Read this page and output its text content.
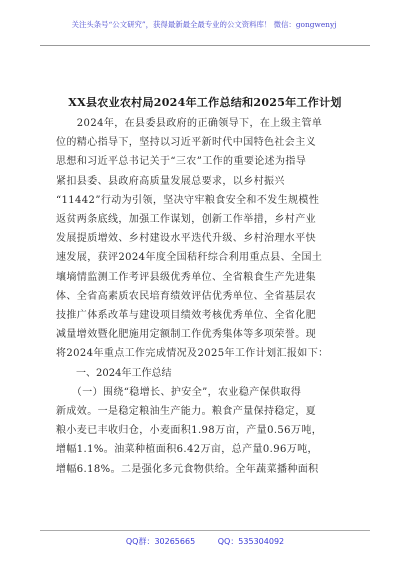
关注头条号“公文研究”，获得最新最全最专业的公文资料库！ 微信：gongwenyj
XX县农业农村局2024年工作总结和2025年工作计划

　　2024年，在县委县政府的正确领导下，在上级主管单
位的精心指导下，坚持以习近平新时代中国特色社会主义
思想和习近平总书记关于“三农”工作的重要论述为指导
紧扣县委、县政府高质量发展总要求，以乡村振兴
“11442”行动为引领，坚决守牢粮食安全和不发生规模性
返贫两条底线，加强工作谋划，创新工作举措，乡村产业
发展提质增效、乡村建设水平迭代升级、乡村治理水平快
速发展，获评2024年度全国秸秆综合利用重点县、全国土
壤墒情监测工作考评县级优秀单位、全省粮食生产先进集
体、全省高素质农民培育绩效评估优秀单位、全省基层农
技推广体系改革与建设项目绩效考核优秀单位、全省化肥
减量增效暨化肥施用定额制工作优秀集体等多项荣誉。现
将2024年重点工作完成情况及2025年工作计划汇报如下：

　　一、2024年工作总结

　　（一）围绕“稳增长、护安全”，农业稳产保供取得
新成效。一是稳定粮油生产能力。粮食产量保持稳定，夏
粮小麦已丰收归仓，小麦面积1.98万亩，产量0.56万吨，
增幅1.1%。油菜种植面积6.42万亩，总产量0.96万吨，
增幅6.18%。二是强化多元食物供给。全年蔬菜播种面积

QQ群：30265665	QQ：535304092
